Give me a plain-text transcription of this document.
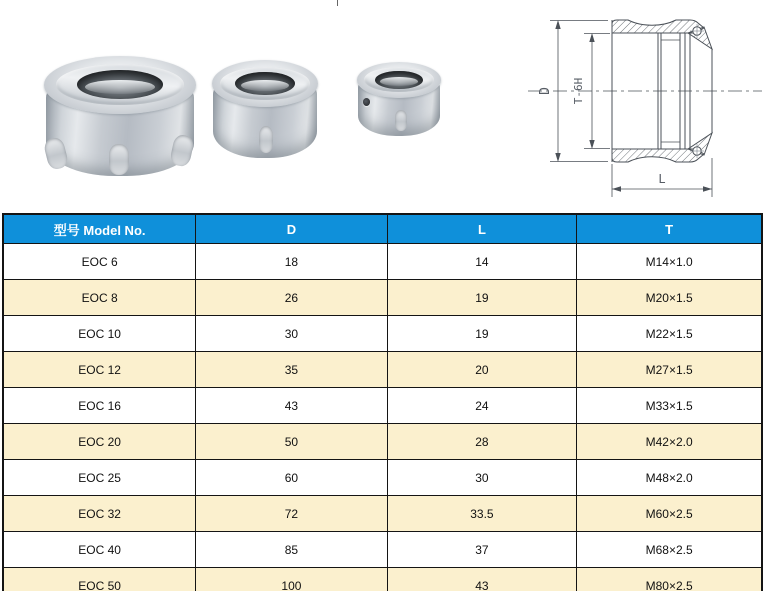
D T-6H
L
型号 Model No.	D	L	T
EOC 6	18	14	M14×1.0
EOC 8	26	19	M20×1.5
EOC 10	30	19	M22×1.5
EOC 12	35	20	M27×1.5
EOC 16	43	24	M33×1.5
EOC 20	50	28	M42×2.0
EOC 25	60	30	M48×2.0
EOC 32	72	33.5	M60×2.5
EOC 40	85	37	M68×2.5
EOC 50	100	43	M80×2.5
